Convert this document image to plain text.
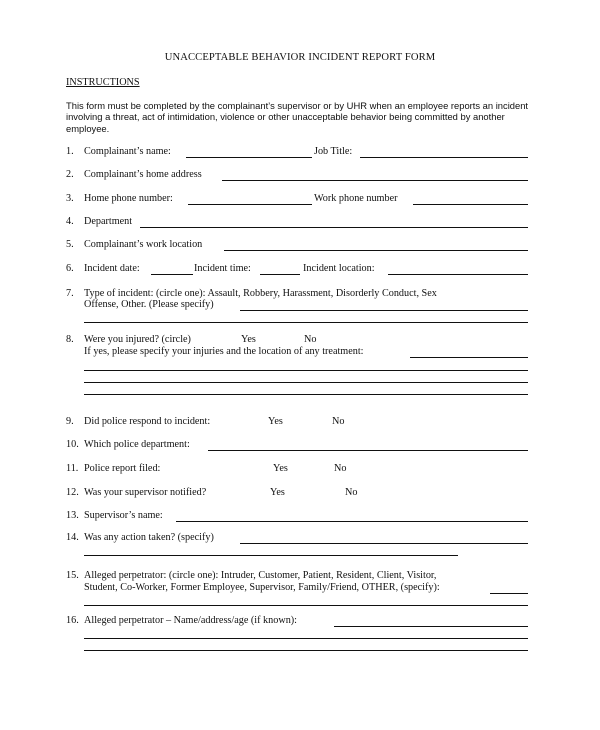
UNACCEPTABLE BEHAVIOR INCIDENT REPORT FORM
INSTRUCTIONS
This form must be completed by the complainant’s supervisor or by UHR when an employee reports an incident involving a threat, act of intimidation, violence or other unacceptable behavior being committed by another employee.
1. Complainant’s name:	Job Title:
2. Complainant’s home address
3. Home phone number:	Work phone number
4. Department
5. Complainant’s work location
6. Incident date:	Incident time:	Incident location:
7. Type of incident: (circle one): Assault, Robbery, Harassment, Disorderly Conduct, Sex
Offense, Other. (Please specify)
8. Were you injured? (circle)	Yes	No
If yes, please specify your injuries and the location of any treatment:
9. Did police respond to incident:	Yes	No
10. Which police department:
11. Police report filed:	Yes	No
12. Was your supervisor notified?	Yes	No
13. Supervisor’s name:
14. Was any action taken? (specify)
15. Alleged perpetrator: (circle one): Intruder, Customer, Patient, Resident, Client, Visitor,
Student, Co-Worker, Former Employee, Supervisor, Family/Friend, OTHER, (specify):
16. Alleged perpetrator – Name/address/age (if known):
